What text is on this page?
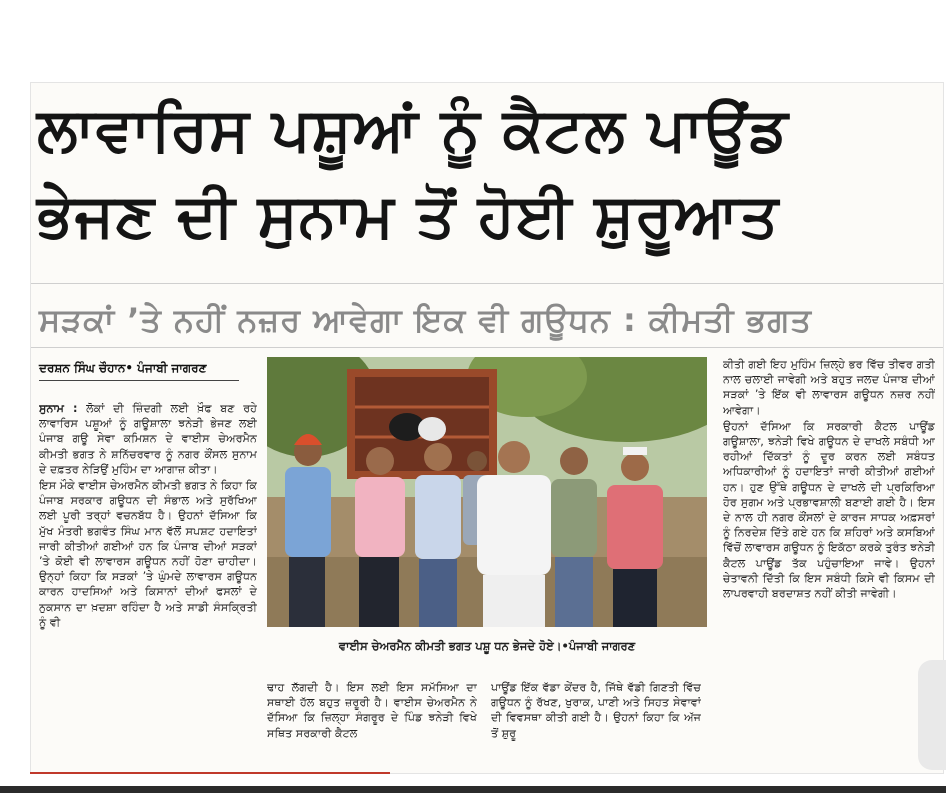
ਲਾਵਾਰਿਸ ਪਸ਼ੂਆਂ ਨੂੰ ਕੈਟਲ ਪਾਊਂਡ
ਭੇਜਣ ਦੀ ਸੁਨਾਮ ਤੋਂ ਹੋਈ ਸ਼ੁਰੂਆਤ
ਸੜਕਾਂ ’ਤੇ ਨਹੀਂ ਨਜ਼ਰ ਆਵੇਗਾ ਇਕ ਵੀ ਗਊਧਨ : ਕੀਮਤੀ ਭਗਤ
ਦਰਸ਼ਨ ਸਿੰਘ ਚੌਹਾਨ• ਪੰਜਾਬੀ ਜਾਗਰਣ

ਸੁਨਾਮ : ਲੋਕਾਂ ਦੀ ਜ਼ਿੰਦਗੀ ਲਈ ਖ਼ੌਫ ਬਣ ਰਹੇ ਲਾਵਾਰਿਸ ਪਸ਼ੂਆਂ ਨੂੰ ਗਊਸ਼ਾਲਾ ਝਨੇੜੀ ਭੇਜਣ ਲਈ ਪੰਜਾਬ ਗਊ ਸੇਵਾ ਕਮਿਸ਼ਨ ਦੇ ਵਾਈਸ ਚੇਅਰਮੈਨ ਕੀਮਤੀ ਭਗਤ ਨੇ ਸ਼ਨਿੱਚਰਵਾਰ ਨੂੰ ਨਗਰ ਕੌਂਸਲ ਸੁਨਾਮ ਦੇ ਦਫ਼ਤਰ ਨੇੜਿਉਂ ਮੁਹਿੰਮ ਦਾ ਆਗਾਜ਼ ਕੀਤਾ।

ਇਸ ਮੌਕੇ ਵਾਈਸ ਚੇਅਰਮੈਨ ਕੀਮਤੀ ਭਗਤ ਨੇ ਕਿਹਾ ਕਿ ਪੰਜਾਬ ਸਰਕਾਰ ਗਊਧਨ ਦੀ ਸੰਭਾਲ ਅਤੇ ਸੁਰੱਖਿਆ ਲਈ ਪੂਰੀ ਤਰ੍ਹਾਂ ਵਚਨਬੱਧ ਹੈ। ਉਹਨਾਂ ਦੱਸਿਆ ਕਿ ਮੁੱਖ ਮੰਤਰੀ ਭਗਵੰਤ ਸਿੰਘ ਮਾਨ ਵੱਲੋਂ ਸਪਸ਼ਟ ਹਦਾਇਤਾਂ ਜਾਰੀ ਕੀਤੀਆਂ ਗਈਆਂ ਹਨ ਕਿ ਪੰਜਾਬ ਦੀਆਂ ਸੜਕਾਂ ’ਤੇ ਕੋਈ ਵੀ ਲਾਵਾਰਸ ਗਊਧਨ ਨਹੀਂ ਹੋਣਾ ਚਾਹੀਦਾ। ਉਨ੍ਹਾਂ ਕਿਹਾ ਕਿ ਸੜਕਾਂ ’ਤੇ ਘੁੰਮਦੇ ਲਾਵਾਰਸ ਗਊਧਨ ਕਾਰਨ ਹਾਦਸਿਆਂ ਅਤੇ ਕਿਸਾਨਾਂ ਦੀਆਂ ਫਸਲਾਂ ਦੇ ਨੁਕਸਾਨ ਦਾ ਖ਼ਦਸ਼ਾ ਰਹਿੰਦਾ ਹੈ ਅਤੇ ਸਾਡੀ ਸੰਸਕ੍ਰਿਤੀ ਨੂੰ ਵੀ

ਵਾਈਸ ਚੇਅਰਮੈਨ ਕੀਮਤੀ ਭਗਤ ਪਸ਼ੂ ਧਨ ਭੇਜਦੇ ਹੋਏ।•ਪੰਜਾਬੀ ਜਾਗਰਣ

ਢਾਹ ਲੱਗਦੀ ਹੈ। ਇਸ ਲਈ ਇਸ ਸਮੱਸਿਆ ਦਾ ਸਥਾਈ ਹੱਲ ਬਹੁਤ ਜ਼ਰੂਰੀ ਹੈ। ਵਾਈਸ ਚੇਅਰਮੈਨ ਨੇ ਦੱਸਿਆ ਕਿ ਜ਼ਿਲ੍ਹਾ ਸੰਗਰੂਰ ਦੇ ਪਿੰਡ ਝਨੇੜੀ ਵਿਖੇ ਸਥਿਤ ਸਰਕਾਰੀ ਕੈਟਲ

ਪਾਊਂਡ ਇੱਕ ਵੱਡਾ ਕੇਂਦਰ ਹੈ, ਜਿੱਥੇ ਵੱਡੀ ਗਿਣਤੀ ਵਿੱਚ ਗਊਧਨ ਨੂੰ ਰੱਖਣ, ਖੁਰਾਕ, ਪਾਣੀ ਅਤੇ ਸਿਹਤ ਸੇਵਾਵਾਂ ਦੀ ਵਿਵਸਥਾ ਕੀਤੀ ਗਈ ਹੈ। ਉਹਨਾਂ ਕਿਹਾ ਕਿ ਅੱਜ ਤੋਂ ਸ਼ੁਰੂ

ਕੀਤੀ ਗਈ ਇਹ ਮੁਹਿੰਮ ਜ਼ਿਲ੍ਹੇ ਭਰ ਵਿੱਚ ਤੀਵਰ ਗਤੀ ਨਾਲ ਚਲਾਈ ਜਾਵੇਗੀ ਅਤੇ ਬਹੁਤ ਜਲਦ ਪੰਜਾਬ ਦੀਆਂ ਸੜਕਾਂ ’ਤੇ ਇੱਕ ਵੀ ਲਾਵਾਰਸ ਗਊਧਨ ਨਜ਼ਰ ਨਹੀਂ ਆਵੇਗਾ।

ਉਹਨਾਂ ਦੱਸਿਆ ਕਿ ਸਰਕਾਰੀ ਕੈਟਲ ਪਾਊਂਡ ਗਊਸ਼ਾਲਾ, ਝਨੇੜੀ ਵਿਖੇ ਗਊਧਨ ਦੇ ਦਾਖਲੇ ਸਬੰਧੀ ਆ ਰਹੀਆਂ ਦਿੱਕਤਾਂ ਨੂੰ ਦੂਰ ਕਰਨ ਲਈ ਸਬੰਧਤ ਅਧਿਕਾਰੀਆਂ ਨੂੰ ਹਦਾਇਤਾਂ ਜਾਰੀ ਕੀਤੀਆਂ ਗਈਆਂ ਹਨ। ਹੁਣ ਉੱਥੇ ਗਊਧਨ ਦੇ ਦਾਖਲੇ ਦੀ ਪ੍ਰਕਿਰਿਆ ਹੋਰ ਸੁਗਮ ਅਤੇ ਪ੍ਰਭਾਵਸ਼ਾਲੀ ਬਣਾਈ ਗਈ ਹੈ। ਇਸ ਦੇ ਨਾਲ ਹੀ ਨਗਰ ਕੌਂਸਲਾਂ ਦੇ ਕਾਰਜ ਸਾਧਕ ਅਫ਼ਸਰਾਂ ਨੂੰ ਨਿਰਦੇਸ਼ ਦਿੱਤੇ ਗਏ ਹਨ ਕਿ ਸ਼ਹਿਰਾਂ ਅਤੇ ਕਸਬਿਆਂ ਵਿੱਚੋਂ ਲਾਵਾਰਸ ਗਊਧਨ ਨੂੰ ਇਕੱਠਾ ਕਰਕੇ ਤੁਰੰਤ ਝਨੇੜੀ ਕੈਟਲ ਪਾਊਂਡ ਤੱਕ ਪਹੁੰਚਾਇਆ ਜਾਵੇ। ਉਹਨਾਂ ਚੇਤਾਵਨੀ ਦਿੱਤੀ ਕਿ ਇਸ ਸਬੰਧੀ ਕਿਸੇ ਵੀ ਕਿਸਮ ਦੀ ਲਾਪਰਵਾਹੀ ਬਰਦਾਸ਼ਤ ਨਹੀਂ ਕੀਤੀ ਜਾਵੇਗੀ।
